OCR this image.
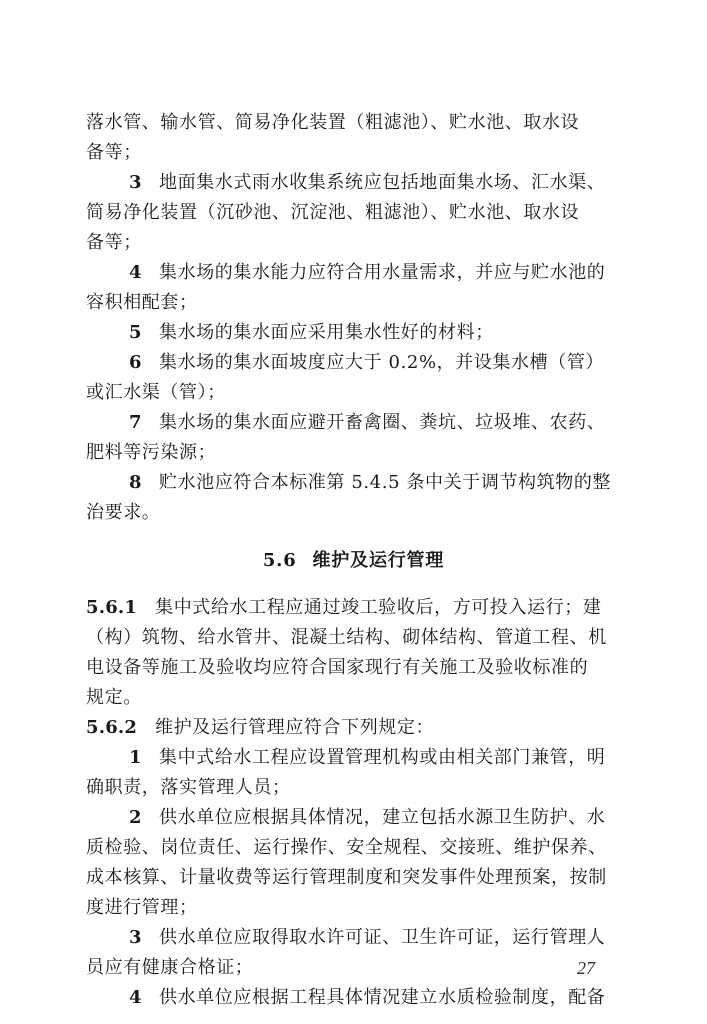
落水管、输水管、简易净化装置（粗滤池）、贮水池、取水设
备等；
3 地面集水式雨水收集系统应包括地面集水场、汇水渠、
简易净化装置（沉砂池、沉淀池、粗滤池）、贮水池、取水设
备等；
4 集水场的集水能力应符合用水量需求，并应与贮水池的
容积相配套；
5 集水场的集水面应采用集水性好的材料；
6 集水场的集水面坡度应大于 0.2%，并设集水槽（管）
或汇水渠（管）；
7 集水场的集水面应避开畜禽圈、粪坑、垃圾堆、农药、
肥料等污染源；
8 贮水池应符合本标准第 5.4.5 条中关于调节构筑物的整
治要求。
5.6 维护及运行管理
5.6.1 集中式给水工程应通过竣工验收后，方可投入运行；建
（构）筑物、给水管井、混凝土结构、砌体结构、管道工程、机
电设备等施工及验收均应符合国家现行有关施工及验收标准的
规定。
5.6.2 维护及运行管理应符合下列规定：
1 集中式给水工程应设置管理机构或由相关部门兼管，明
确职责，落实管理人员；
2 供水单位应根据具体情况，建立包括水源卫生防护、水
质检验、岗位责任、运行操作、安全规程、交接班、维护保养、
成本核算、计量收费等运行管理制度和突发事件处理预案，按制
度进行管理；
3 供水单位应取得取水许可证、卫生许可证，运行管理人
员应有健康合格证；
4 供水单位应根据工程具体情况建立水质检验制度，配备
27
